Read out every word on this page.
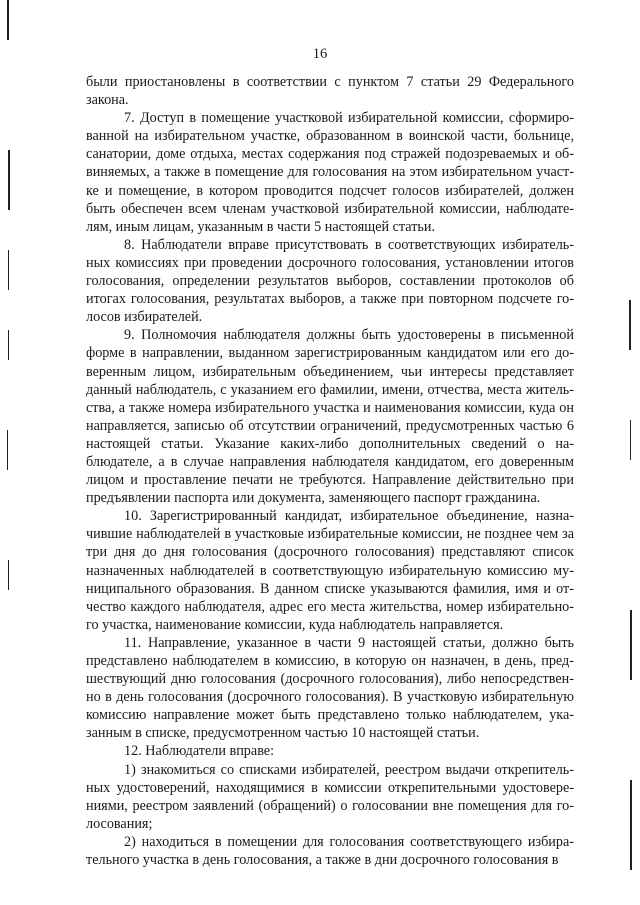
16

были приостановлены в соответствии с пунктом 7 статьи 29 Федерального закона.

7. Доступ в помещение участковой избирательной комиссии, сформированной на избирательном участке, образованном в воинской части, больнице, санатории, доме отдыха, местах содержания под стражей подозреваемых и обвиняемых, а также в помещение для голосования на этом избирательном участке и помещение, в котором проводится подсчет голосов избирателей, должен быть обеспечен всем членам участковой избирательной комиссии, наблюдателям, иным лицам, указанным в части 5 настоящей статьи.

8. Наблюдатели вправе присутствовать в соответствующих избирательных комиссиях при проведении досрочного голосования, установлении итогов голосования, определении результатов выборов, составлении протоколов об итогах голосования, результатах выборов, а также при повторном подсчете голосов избирателей.

9. Полномочия наблюдателя должны быть удостоверены в письменной форме в направлении, выданном зарегистрированным кандидатом или его доверенным лицом, избирательным объединением, чьи интересы представляет данный наблюдатель, с указанием его фамилии, имени, отчества, места жительства, а также номера избирательного участка и наименования комиссии, куда он направляется, записью об отсутствии ограничений, предусмотренных частью 6 настоящей статьи. Указание каких-либо дополнительных сведений о наблюдателе, а в случае направления наблюдателя кандидатом, его доверенным лицом и проставление печати не требуются. Направление действительно при предъявлении паспорта или документа, заменяющего паспорт гражданина.

10. Зарегистрированный кандидат, избирательное объединение, назначившие наблюдателей в участковые избирательные комиссии, не позднее чем за три дня до дня голосования (досрочного голосования) представляют список назначенных наблюдателей в соответствующую избирательную комиссию муниципального образования. В данном списке указываются фамилия, имя и отчество каждого наблюдателя, адрес его места жительства, номер избирательного участка, наименование комиссии, куда наблюдатель направляется.

11. Направление, указанное в части 9 настоящей статьи, должно быть представлено наблюдателем в комиссию, в которую он назначен, в день, предшествующий дню голосования (досрочного голосования), либо непосредственно в день голосования (досрочного голосования). В участковую избирательную комиссию направление может быть представлено только наблюдателем, указанным в списке, предусмотренном частью 10 настоящей статьи.

12. Наблюдатели вправе:

1) знакомиться со списками избирателей, реестром выдачи открепительных удостоверений, находящимися в комиссии открепительными удостоверениями, реестром заявлений (обращений) о голосовании вне помещения для голосования;

2) находиться в помещении для голосования соответствующего избирательного участка в день голосования, а также в дни досрочного голосования в
